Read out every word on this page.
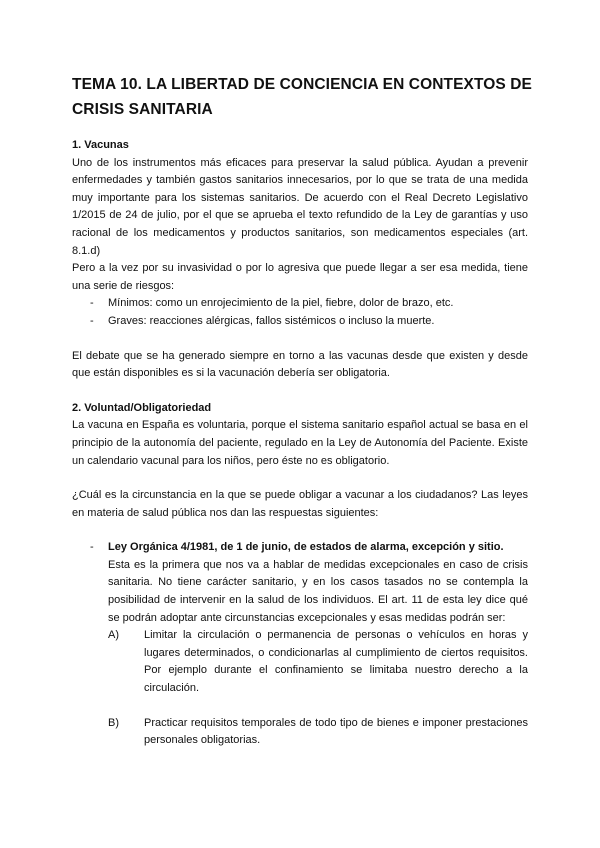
TEMA 10. LA LIBERTAD DE CONCIENCIA EN CONTEXTOS DE CRISIS SANITARIA

1. Vacunas

Uno de los instrumentos más eficaces para preservar la salud pública. Ayudan a prevenir enfermedades y también gastos sanitarios innecesarios, por lo que se trata de una medida muy importante para los sistemas sanitarios. De acuerdo con el Real Decreto Legislativo 1/2015 de 24 de julio, por el que se aprueba el texto refundido de la Ley de garantías y uso racional de los medicamentos y productos sanitarios, son medicamentos especiales (art. 8.1.d)

Pero a la vez por su invasividad o por lo agresiva que puede llegar a ser esa medida, tiene una serie de riesgos:

- Mínimos: como un enrojecimiento de la piel, fiebre, dolor de brazo, etc.
- Graves: reacciones alérgicas, fallos sistémicos o incluso la muerte.

El debate que se ha generado siempre en torno a las vacunas desde que existen y desde que están disponibles es si la vacunación debería ser obligatoria.

2. Voluntad/Obligatoriedad

La vacuna en España es voluntaria, porque el sistema sanitario español actual se basa en el principio de la autonomía del paciente, regulado en la Ley de Autonomía del Paciente. Existe un calendario vacunal para los niños, pero éste no es obligatorio.

¿Cuál es la circunstancia en la que se puede obligar a vacunar a los ciudadanos? Las leyes en materia de salud pública nos dan las respuestas siguientes:

- Ley Orgánica 4/1981, de 1 de junio, de estados de alarma, excepción y sitio.

Esta es la primera que nos va a hablar de medidas excepcionales en caso de crisis sanitaria. No tiene carácter sanitario, y en los casos tasados no se contempla la posibilidad de intervenir en la salud de los individuos. El art. 11 de esta ley dice qué se podrán adoptar ante circunstancias excepcionales y esas medidas podrán ser:

A) Limitar la circulación o permanencia de personas o vehículos en horas y lugares determinados, o condicionarlas al cumplimiento de ciertos requisitos. Por ejemplo durante el confinamiento se limitaba nuestro derecho a la circulación.
B) Practicar requisitos temporales de todo tipo de bienes e imponer prestaciones personales obligatorias.
